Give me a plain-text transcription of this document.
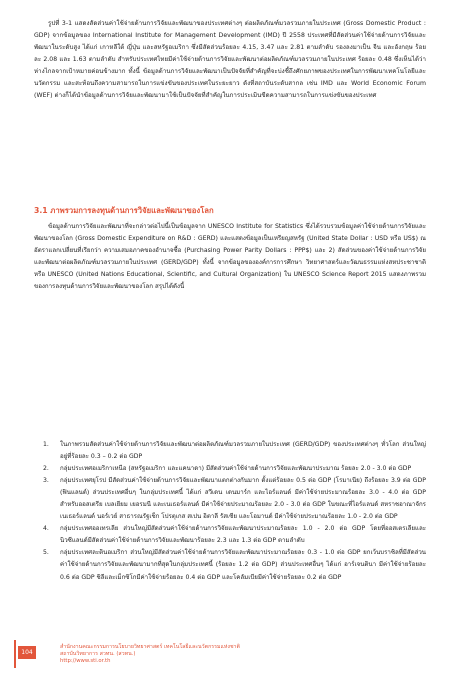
รูปที่ 3-1 แสดงสัดส่วนค่าใช้จ่ายด้านการวิจัยและพัฒนาของประเทศต่างๆ ต่อผลิตภัณฑ์มวลรวมภายในประเทศ (Gross Domestic Product : GDP) จากข้อมูลของ International Institute for Management Development (IMD) ปี 2558 ประเทศที่มีสัดส่วนค่าใช้จ่ายด้านการวิจัยและพัฒนาในระดับสูง ได้แก่ เกาหลีใต้ ญี่ปุ่น และสหรัฐอเมริกา ซึ่งมีสัดส่วนร้อยละ 4.15, 3.47 และ 2.81 ตามลำดับ รองลงมาเป็น จีน และอังกฤษ ร้อยละ 2.08 และ 1.63 ตามลำดับ สำหรับประเทศไทยมีค่าใช้จ่ายด้านการวิจัยและพัฒนาต่อผลิตภัณฑ์มวลรวมภายในประเทศ ร้อยละ 0.48 ซึ่งเห็นได้ว่าห่างไกลจากเป้าหมายค่อนข้างมาก ทั้งนี้ ข้อมูลด้านการวิจัยและพัฒนาเป็นปัจจัยที่สำคัญที่จะบ่งชี้ถึงศักยภาพของประเทศในการพัฒนาเทคโนโลยีและนวัตกรรม และสะท้อนถึงความสามารถในการแข่งขันของประเทศในระยะยาว ดังที่สถาบันระดับสากล เช่น IMD และ World Economic Forum (WEF) ต่างก็ได้นำข้อมูลด้านการวิจัยและพัฒนามาใช้เป็นปัจจัยที่สำคัญในการประเมินขีดความสามารถในการแข่งขันของประเทศ

3.1 ภาพรวมการลงทุนด้านการวิจัยและพัฒนาของโลก

ข้อมูลด้านการวิจัยและพัฒนาที่จะกล่าวต่อไปนี้เป็นข้อมูลจาก UNESCO Institute for Statistics ซึ่งได้รวบรวมข้อมูลค่าใช้จ่ายด้านการวิจัยและพัฒนาของโลก (Gross Domestic Expenditure on R&D : GERD) และแสดงข้อมูลเป็นเหรียญสหรัฐ (United State Dollar : USD หรือ US$) ณ อัตราแลกเปลี่ยนที่เรียกว่า ความเสมอภาคของอำนาจซื้อ (Purchasing Power Parity Dollars : PPP$) และ 2) สัดส่วนของค่าใช้จ่ายด้านการวิจัยและพัฒนาต่อผลิตภัณฑ์มวลรวมภายในประเทศ (GERD/GDP) ทั้งนี้ จากข้อมูลขององค์การการศึกษา วิทยาศาสตร์และวัฒนธรรมแห่งสหประชาชาติ หรือ UNESCO (United Nations Educational, Scientific, and Cultural Organization) ใน UNESCO Science Report 2015 แสดงภาพรวมของการลงทุนด้านการวิจัยและพัฒนาของโลก สรุปได้ดังนี้

1. ในภาพรวมสัดส่วนค่าใช้จ่ายด้านการวิจัยและพัฒนาต่อผลิตภัณฑ์มวลรวมภายในประเทศ (GERD/GDP) ของประเทศต่างๆ ทั่วโลก ส่วนใหญ่อยู่ที่ร้อยละ 0.3 – 0.2 ต่อ GDP
2. กลุ่มประเทศอเมริกาเหนือ (สหรัฐอเมริกา และแคนาดา) มีสัดส่วนค่าใช้จ่ายด้านการวิจัยและพัฒนาประมาณ ร้อยละ 2.0 - 3.0 ต่อ GDP
3. กลุ่มประเทศยุโรป มีสัดส่วนค่าใช้จ่ายด้านการวิจัยและพัฒนาแตกต่างกันมาก ตั้งแต่ร้อยละ 0.5 ต่อ GDP (โรมาเนีย) ถึงร้อยละ 3.9 ต่อ GDP (ฟินแลนด์) ส่วนประเทศอื่นๆ ในกลุ่มประเทศนี้ ได้แก่ สวีเดน เดนมาร์ก และไอร์แลนด์ มีค่าใช้จ่ายประมาณร้อยละ 3.0 - 4.0 ต่อ GDP สำหรับออสเตรีย เบลเยียม เยอรมนี และเนเธอร์แลนด์ มีค่าใช้จ่ายประมาณร้อยละ 2.0 - 3.0 ต่อ GDP ในขณะที่ไอร์แลนด์ สหราชอาณาจักร เนเธอร์แลนด์ นอร์เวย์ สาธารณรัฐเช็ก โปรตุเกส สเปน อิตาลี รัสเซีย และโอมานด์ มีค่าใช้จ่ายประมาณร้อยละ 1.0 - 2.0 ต่อ GDP
4. กลุ่มประเทศออเทรเลีย ส่วนใหญ่มีสัดส่วนค่าใช้จ่ายด้านการวิจัยและพัฒนาประมาณร้อยละ 1.0 - 2.0 ต่อ GDP โดยที่ออสเตรเลียและนิวซีแลนด์มีสัดส่วนค่าใช้จ่ายด้านการวิจัยและพัฒนาร้อยละ 2.3 และ 1.3 ต่อ GDP ตามลำดับ
5. กลุ่มประเทศละตินอเมริกา ส่วนใหญ่มีสัดส่วนค่าใช้จ่ายด้านการวิจัยและพัฒนาประมาณร้อยละ 0.3 - 1.0 ต่อ GDP ยกเว้นบราซิลที่มีสัดส่วนค่าใช้จ่ายด้านการวิจัยและพัฒนามากที่สุดในกลุ่มประเทศนี้ (ร้อยละ 1.2 ต่อ GDP) ส่วนประเทศอื่นๆ ได้แก่ อาร์เจนตินา มีค่าใช้จ่ายร้อยละ 0.6 ต่อ GDP ชิลีและเม็กซิโกมีค่าใช้จ่ายร้อยละ 0.4 ต่อ GDP และโคลัมเบียมีค่าใช้จ่ายร้อยละ 0.2 ต่อ GDP
104
สำนักงานคณะกรรมการนโยบายวิทยาศาสตร์ เทคโนโลยีและนวัตกรรมแห่งชาติ
สถาบันวิทยาการ สวทน. (สวทน.)
http://www.sti.or.th
